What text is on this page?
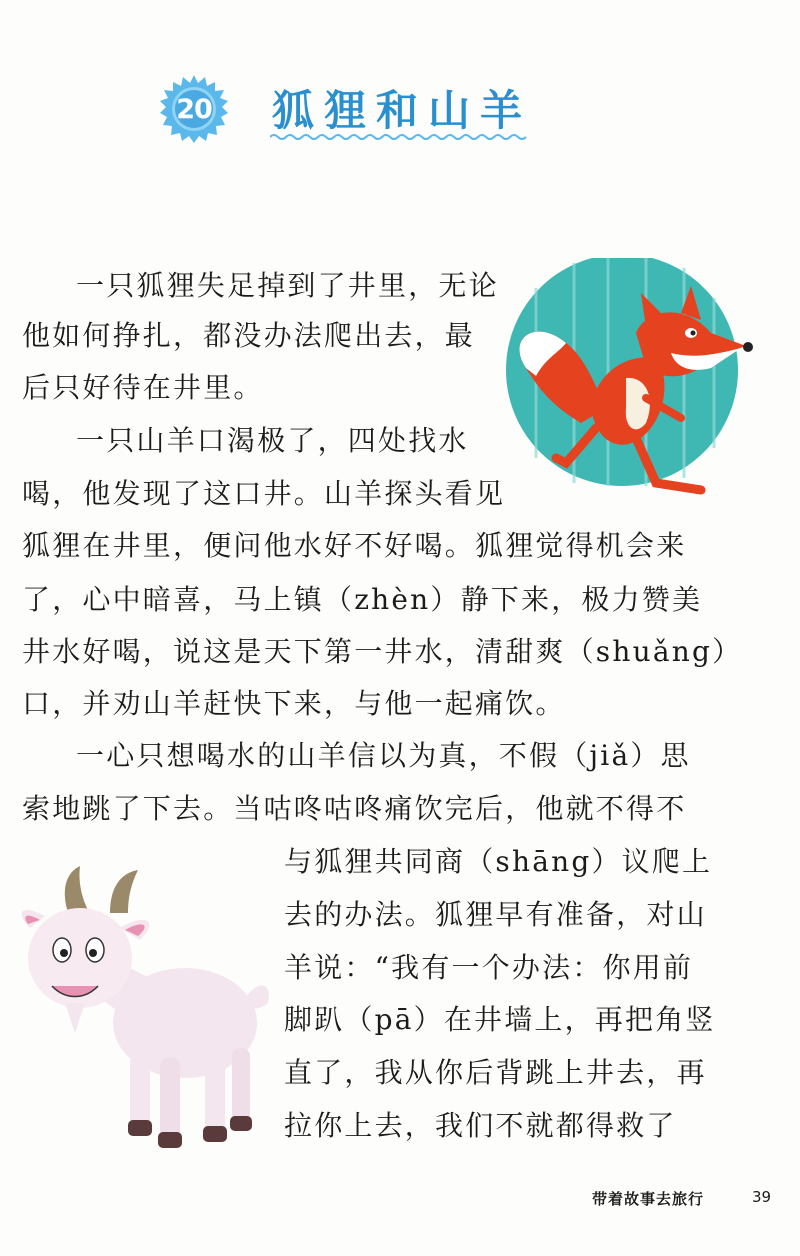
20	狐狸和山羊
一只狐狸失足掉到了井里，无论
他如何挣扎，都没办法爬出去，最
后只好待在井里。
一只山羊口渴极了，四处找水
喝，他发现了这口井。山羊探头看见
狐狸在井里，便问他水好不好喝。狐狸觉得机会来
了，心中暗喜，马上镇（zhèn）静下来，极力赞美
井水好喝，说这是天下第一井水，清甜爽（shuǎng）
口，并劝山羊赶快下来，与他一起痛饮。
一心只想喝水的山羊信以为真，不假（jiǎ）思
索地跳了下去。当咕咚咕咚痛饮完后，他就不得不
与狐狸共同商（shāng）议爬上
去的办法。狐狸早有准备，对山
羊说：“我有一个办法：你用前
脚趴（pā）在井墙上，再把角竖
直了，我从你后背跳上井去，再
拉你上去，我们不就都得救了
带着故事去旅行	39
